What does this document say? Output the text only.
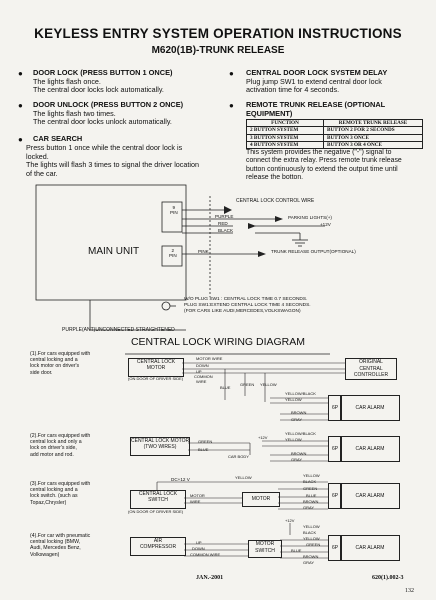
KEYLESS ENTRY SYSTEM OPERATION INSTRUCTIONS
M620(1B)-TRUNK RELEASE
● DOOR LOCK (PRESS BUTTON 1 ONCE)
The lights flash once.
The central door locks lock automatically.
● DOOR UNLOCK (PRESS BUTTON 2 ONCE)
The lights flash two times.
The central door locks unlock automatically.
● CAR SEARCH
Press button 1 once while the central door lock is
locked.
The lights will flash 3 times to signal the driver location
of the car.
● CENTRAL DOOR LOCK SYSTEM DELAY
Plug jump SW1 to extend central door lock
activation time for 4 seconds.
● REMOTE TRUNK RELEASE (OPTIONAL
EQUIPMENT)
FUNCTION	REMOTE TRUNK RELEASE
2 BUTTON SYSTEM	BUTTON 2 FOR 2 SECONDS
3 BUTTON SYSTEM	BUTTON 3 ONCE
4 BUTTON SYSTEM	BUTTON 3 OR 4 ONCE
This system provides the negative ("-") signal to
connect the extra relay. Press remote trunk release
button continuously to extend the output time until
release the botton.
CENTRAL LOCK CONTROL WIRE
9
PIN
PURPLE
RED
BLACK
PARKING LIGHTS(+)
+12V
MAIN UNIT	2
PIN
PINK	TRUNK RELEASE OUTPUT(OPTIONAL)
W/O PLUG SW1 : CENTRAL LOCK TIME 0.7 SECONDS.
PLUG SW1:EXTEND CENTRAL LOCK TIME 4 SECONDS.
(FOR CARS LIKE AUDI,MERCEDES,VOLKSWAGON)
PURPLE(ANT)UNCONNECTED STRAIGHTENED
CENTRAL LOCK WIRING DIAGRAM
(1).For cars equipped with
central locking and a
lock motor on driver's
side door.
CENTRAL LOCK
MOTOR
(ON DOOR OF DRIVER SIDE)
MOTOR WIRE
DOWN
UP
COMMON
WIRE
BLUE
GREEN YELLOW
YELLOW/BLACK
YELLOW
BROWN
GRAY
6P	CAR ALARM
ORIGINAL
CENTRAL
CONTROLLER
(2).For cars equipped with
central lock and only a
lock on driver's side,
add motor and rod.
CENTRAL LOCK MOTOR
(TWO WIRES)
GREEN
BLUE
+12V
YELLOW/BLACK
YELLOW
BROWN
GRAY
CAR BODY
6P	CAR ALARM
(3).For cars equipped with
central locking and a
lock switch. (such as
Topaz,Chrysler)
DC+12 V
CENTRAL LOCK
SWITCH
(ON DOOR OF DRIVER SIDE)
MOTOR
WIRE	MOTOR
YELLOW
BLACK
YELLOW
GREEN
BLUE
BROWN
GRAY
6P	CAR ALARM
(4).For car with pneumatic
central locking (BMW,
Audi, Mercedes Benz,
Volkswagen)
AIR
COMPRESSOR
UP
DOWN
COMMON WIRE
MOTOR
SWITCH
+12V
YELLOW
BLACK
YELLOW
GREEN
BLUE
BROWN
GRAY
6P	CAR ALARM
JAN.-2001	620(1).002-3
132
